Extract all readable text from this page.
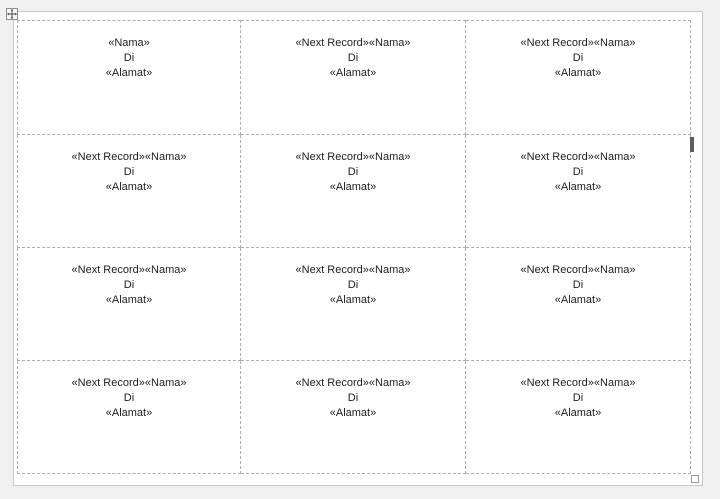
«Nama»
Di
«Alamat»	«Next Record»«Nama»
Di
«Alamat»	«Next Record»«Nama»
Di
«Alamat»

«Next Record»«Nama»
Di
«Alamat»	«Next Record»«Nama»
Di
«Alamat»	«Next Record»«Nama»
Di
«Alamat»

«Next Record»«Nama»
Di
«Alamat»	«Next Record»«Nama»
Di
«Alamat»	«Next Record»«Nama»
Di
«Alamat»

«Next Record»«Nama»
Di
«Alamat»	«Next Record»«Nama»
Di
«Alamat»	«Next Record»«Nama»
Di
«Alamat»
